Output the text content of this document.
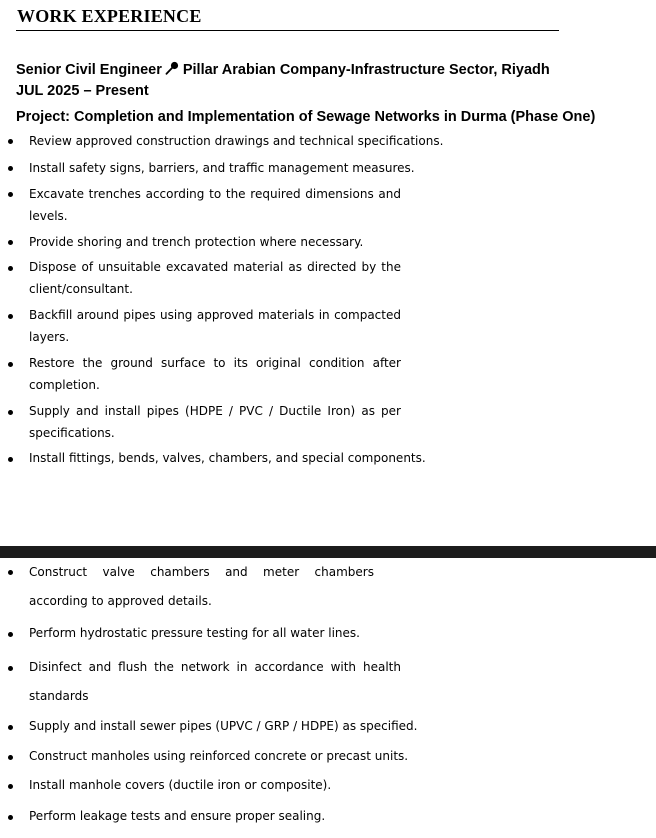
WORK EXPERIENCE
Senior Civil Engineer Pillar Arabian Company-Infrastructure Sector, Riyadh
JUL 2025 – Present
Project: Completion and Implementation of Sewage Networks in Durma (Phase One)
Review approved construction drawings and technical specifications.
Install safety signs, barriers, and traffic management measures.
Excavate trenches according to the required dimensions and levels.
Provide shoring and trench protection where necessary.
Dispose of unsuitable excavated material as directed by the client/consultant.
Backfill around pipes using approved materials in compacted layers.
Restore the ground surface to its original condition after completion.
Supply and install pipes (HDPE / PVC / Ductile Iron) as per specifications.
Install fittings, bends, valves, chambers, and special components.
Construct valve chambers and meter chambers according to approved details.
Perform hydrostatic pressure testing for all water lines.
Disinfect and flush the network in accordance with health standards
Supply and install sewer pipes (UPVC / GRP / HDPE) as specified.
Construct manholes using reinforced concrete or precast units.
Install manhole covers (ductile iron or composite).
Perform leakage tests and ensure proper sealing.
